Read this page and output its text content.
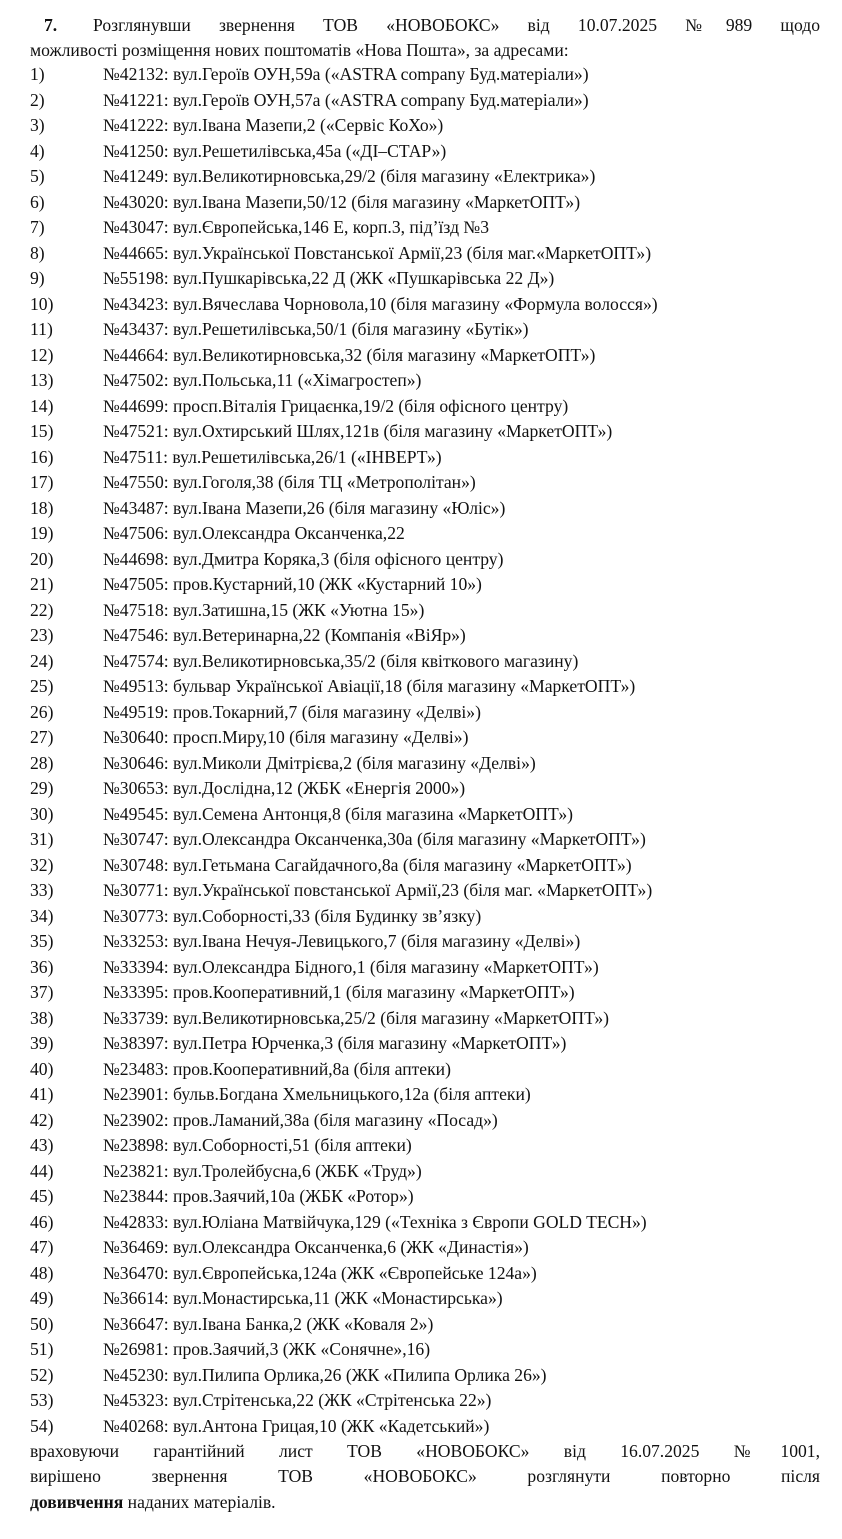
7. Розглянувши звернення ТОВ «НОВОБОКС» від 10.07.2025 №989 щодо
можливості розміщення нових поштоматів «Нова Пошта», за адресами:

1)	№42132: вул.Героїв ОУН,59а («ASTRA company Буд.матеріали»)
2)	№41221: вул.Героїв ОУН,57а («ASTRA company Буд.матеріали»)
3)	№41222: вул.Івана Мазепи,2 («Сервіс КоХо»)
4)	№41250: вул.Решетилівська,45а («ДІ–СТАР»)
5)	№41249: вул.Великотирновська,29/2 (біля магазину «Електрика»)
6)	№43020: вул.Івана Мазепи,50/12 (біля магазину «МаркетОПТ»)
7)	№43047: вул.Європейська,146 Е, корп.3, під’їзд №3
8)	№44665: вул.Української Повстанської Армії,23 (біля маг.«МаркетОПТ»)
9)	№55198: вул.Пушкарівська,22 Д (ЖК «Пушкарівська 22 Д»)
10)	№43423: вул.Вячеслава Чорновола,10 (біля магазину «Формула волосся»)
11)	№43437: вул.Решетилівська,50/1 (біля магазину «Бутік»)
12)	№44664: вул.Великотирновська,32 (біля магазину «МаркетОПТ»)
13)	№47502: вул.Польська,11 («Хімагростеп»)
14)	№44699: просп.Віталія Грицаєнка,19/2 (біля офісного центру)
15)	№47521: вул.Охтирський Шлях,121в (біля магазину «МаркетОПТ»)
16)	№47511: вул.Решетилівська,26/1 («ІНВЕРТ»)
17)	№47550: вул.Гоголя,38 (біля ТЦ «Метрополітан»)
18)	№43487: вул.Івана Мазепи,26 (біля магазину «Юліс»)
19)	№47506: вул.Олександра Оксанченка,22
20)	№44698: вул.Дмитра Коряка,3 (біля офісного центру)
21)	№47505: пров.Кустарний,10 (ЖК «Кустарний 10»)
22)	№47518: вул.Затишна,15 (ЖК «Уютна 15»)
23)	№47546: вул.Ветеринарна,22 (Компанія «ВіЯр»)
24)	№47574: вул.Великотирновська,35/2 (біля квіткового магазину)
25)	№49513: бульвар Української Авіації,18 (біля магазину «МаркетОПТ»)
26)	№49519: пров.Токарний,7 (біля магазину «Делві»)
27)	№30640: просп.Миру,10 (біля магазину «Делві»)
28)	№30646: вул.Миколи Дмітрієва,2 (біля магазину «Делві»)
29)	№30653: вул.Дослідна,12 (ЖБК «Енергія 2000»)
30)	№49545: вул.Семена Антонця,8 (біля магазина «МаркетОПТ»)
31)	№30747: вул.Олександра Оксанченка,30а (біля магазину «МаркетОПТ»)
32)	№30748: вул.Гетьмана Сагайдачного,8а (біля магазину «МаркетОПТ»)
33)	№30771: вул.Української повстанської Армії,23 (біля маг. «МаркетОПТ»)
34)	№30773: вул.Соборності,33 (біля Будинку зв’язку)
35)	№33253: вул.Івана Нечуя-Левицького,7 (біля магазину «Делві»)
36)	№33394: вул.Олександра Бідного,1 (біля магазину «МаркетОПТ»)
37)	№33395: пров.Кооперативний,1 (біля магазину «МаркетОПТ»)
38)	№33739: вул.Великотирновська,25/2 (біля магазину «МаркетОПТ»)
39)	№38397: вул.Петра Юрченка,3 (біля магазину «МаркетОПТ»)
40)	№23483: пров.Кооперативний,8а (біля аптеки)
41)	№23901: бульв.Богдана Хмельницького,12а (біля аптеки)
42)	№23902: пров.Ламаний,38а (біля магазину «Посад»)
43)	№23898: вул.Соборності,51 (біля аптеки)
44)	№23821: вул.Тролейбусна,6 (ЖБК «Труд»)
45)	№23844: пров.Заячий,10а (ЖБК «Ротор»)
46)	№42833: вул.Юліана Матвійчука,129 («Техніка з Європи GOLD TECH»)
47)	№36469: вул.Олександра Оксанченка,6 (ЖК «Династія»)
48)	№36470: вул.Європейська,124а (ЖК «Європейське 124а»)
49)	№36614: вул.Монастирська,11 (ЖК «Монастирська»)
50)	№36647: вул.Івана Банка,2 (ЖК «Коваля 2»)
51)	№26981: пров.Заячий,3 (ЖК «Сонячне»,16)
52)	№45230: вул.Пилипа Орлика,26 (ЖК «Пилипа Орлика 26»)
53)	№45323: вул.Стрітенська,22 (ЖК «Стрітенська 22»)
54)	№40268: вул.Антона Грицая,10 (ЖК «Кадетський»)

враховуючи гарантійний лист ТОВ «НОВОБОКС» від 16.07.2025 №1001,
вирішено звернення ТОВ «НОВОБОКС» розглянути повторно після
довивчення наданих матеріалів.
